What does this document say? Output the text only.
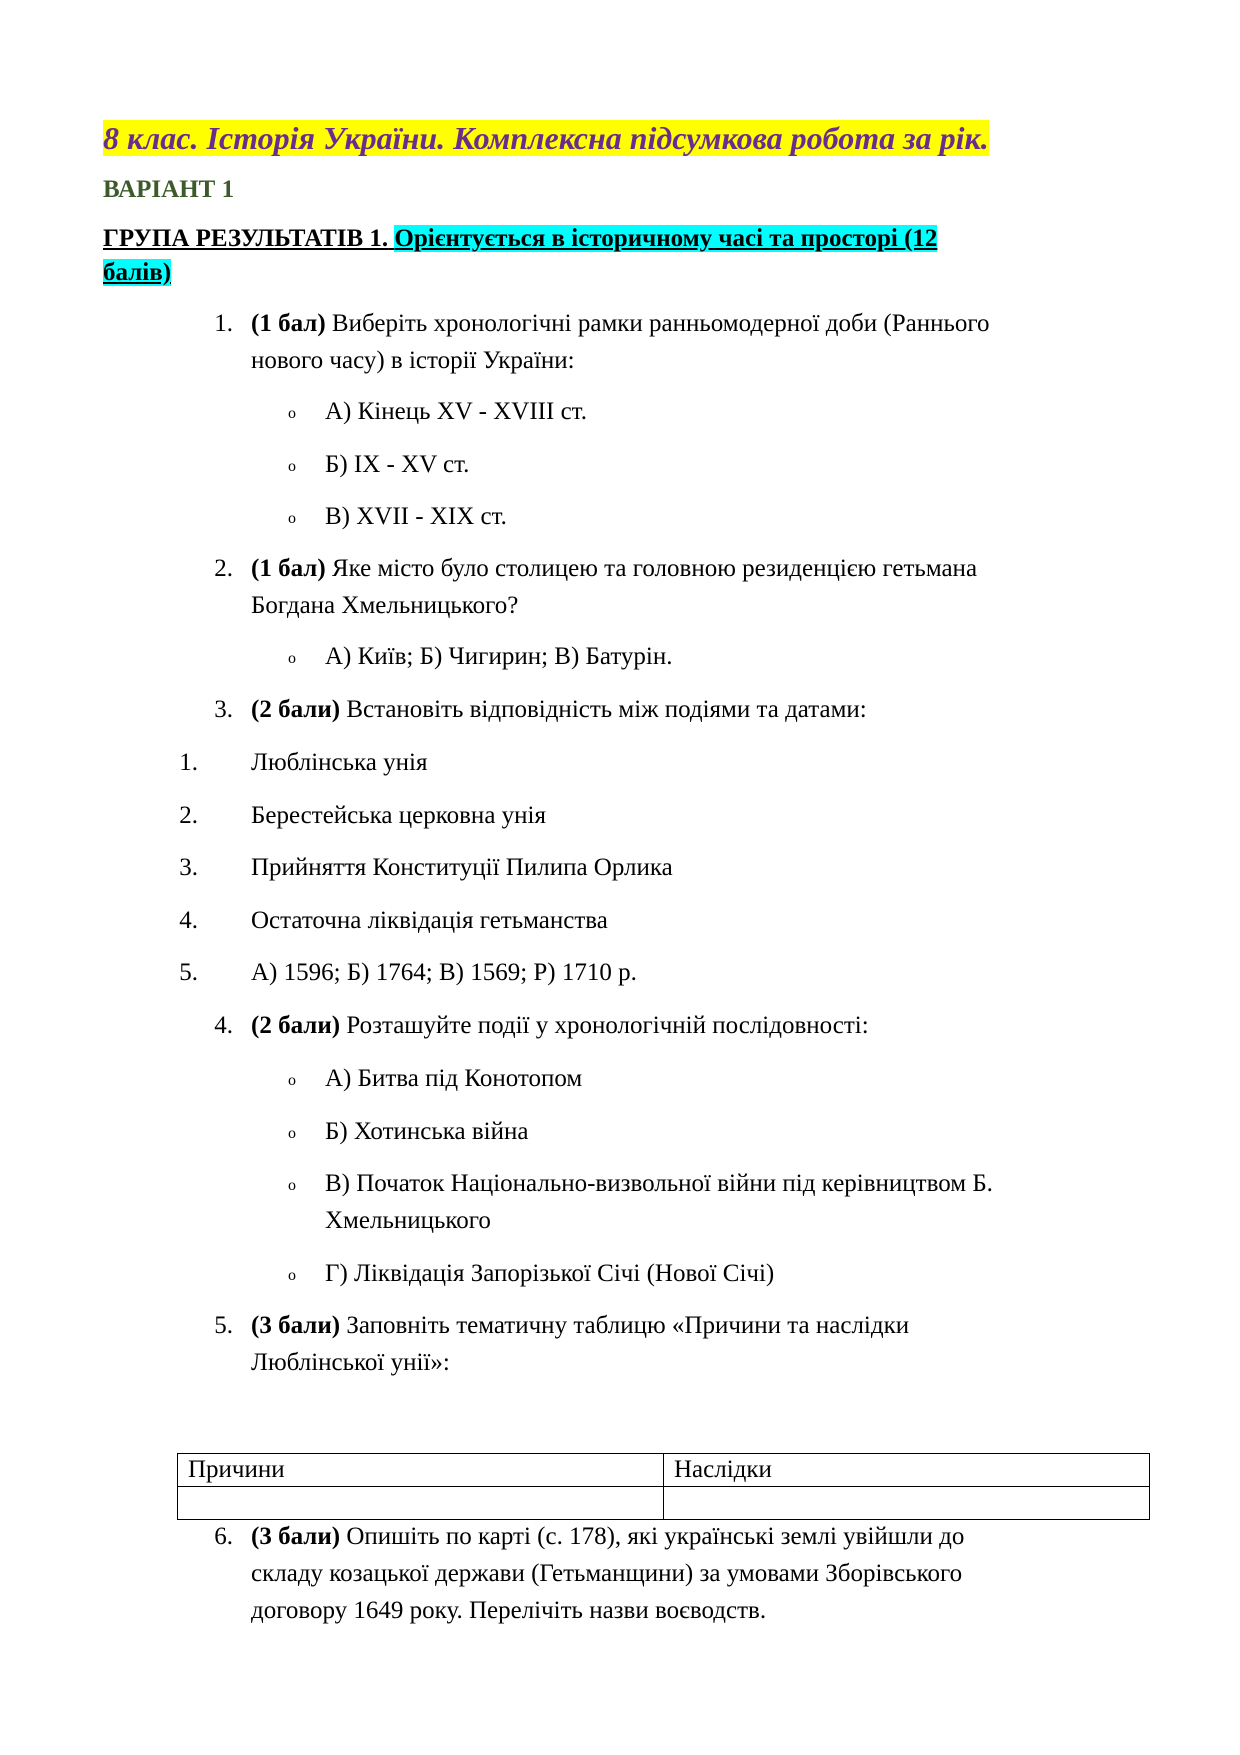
8 клас. Історія України. Комплексна підсумкова робота за рік.
ВАРІАНТ 1
ГРУПА РЕЗУЛЬТАТІВ 1. Орієнтується в історичному часі та просторі (12
балів)
1. (1 бал) Виберіть хронологічні рамки ранньомодерної доби (Раннього
нового часу) в історії України:
o А) Кінець XV - XVIII ст.
o Б) IX - XV ст.
o В) XVII - XIX ст.
2. (1 бал) Яке місто було столицею та головною резиденцією гетьмана
Богдана Хмельницького?
o А) Київ; Б) Чигирин; В) Батурін.
3. (2 бали) Встановіть відповідність між подіями та датами:
1. Люблінська унія
2. Берестейська церковна унія
3. Прийняття Конституції Пилипа Орлика
4. Остаточна ліквідація гетьманства
5. А) 1596; Б) 1764; В) 1569; Р) 1710 р.
4. (2 бали) Розташуйте події у хронологічній послідовності:
o А) Битва під Конотопом
o Б) Хотинська війна
o В) Початок Національно-визвольної війни під керівництвом Б.
Хмельницького
o Г) Ліквідація Запорізької Січі (Нової Січі)
5. (3 бали) Заповніть тематичну таблицю «Причини та наслідки
Люблінської унії»:
Причини	Наслідки

6. (3 бали) Опишіть по карті (с. 178), які українські землі увійшли до
складу козацької держави (Гетьманщини) за умовами Зборівського
договору 1649 року. Перелічіть назви воєводств.
